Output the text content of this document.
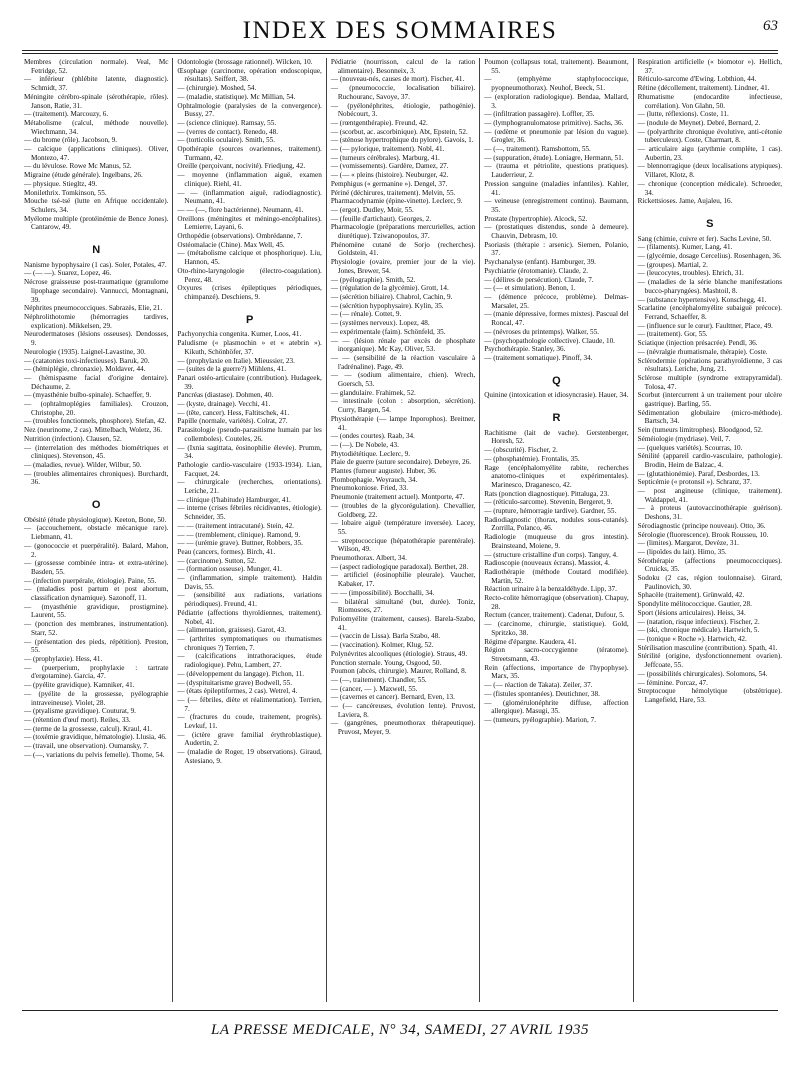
INDEX DES SOMMAIRES	63
Membres (circulation normale). Veal, Mc Fetridge, 52.
— inférieur (phlébite latente, diagnostic). Schmidt, 37.
Méningite cérébro-spinale (sérothérapie, rôles). Janson, Ratie, 31.
— (traitement). Marcouzy, 6.
Métabolisme (calcul, méthode nouvelle). Wiechmann, 34.
— du brome (rôle). Jacobson, 9.
— calcique (applications cliniques). Oliver, Montezo, 47.
— du lévulose. Rowe Mc Manus, 52.
Migraine (étude générale). Ingelbans, 26.
— physique. Stiegltz, 49.
Monilethrix. Tomkinson, 55.
Mouche tsé-tsé (lutte en Afrique occidentale). Schulers, 34.
Myélome multiple (protéinémie de Bence Jones). Cantarow, 49.
N
Nanisme hypophysaire (1 cas). Soler, Potales, 47.
— (— —). Suarez, Lopez, 46.
Nécrose graisseuse post-traumatique (granulome lipophage secondaire). Vannucci, Montagnani, 39.
Néphrites pneumococciques. Sabrazès, Elie, 21.
Néphrolithotomie (hémorragies tardives, explication). Mikkelsen, 29.
Neurodermatoses (lésions osseuses). Dendosses, 9.
Neurologie (1935). Laignel-Lavastine, 30.
— (catatonies toxi-infectieuses). Baruk, 20.
— (hémiplégie, chronaxie). Moldaver, 44.
— (hémispasme facial d'origine dentaire). Déchaume, 2.
— (myasthénie bulbo-spinale). Schaeffer, 9.
— (ophtalmoplégies familiales). Crouzon, Christophe, 20.
— (troubles fonctionnels, phosphore). Stefan, 42.
Nez (neurinome, 2 cas). Mittelbach, Woletz, 36.
Nutrition (infection). Clausen, 52.
— (interrelation des méthodes biométriques et cliniques). Stevenson, 45.
— (maladies, revue). Wilder, Wilbur, 50.
— (troubles alimentaires chroniques). Burchardt, 36.
O
Obésité (étude physiologique). Keeton, Bone, 50.
— (accouchement, obstacle mécanique rare). Liebmann, 41.
— (gonococcie et puerpéralité). Balard, Mahon, 2.
— (grossesse combinée intra- et extra-utérine). Basden, 55.
— (infection puerpérale, étiologie). Paine, 55.
— (maladies post partum et post abortum, classification dynamique). Sazonoff, 11.
— (myasthénie gravidique, prostigmine). Laurent, 55.
— (ponction des membranes, instrumentation). Starr, 52.
— (présentation des pieds, répétition). Preston, 55.
— (prophylaxie). Hess, 41.
— (puerperium, prophylaxie : tartrate d'ergotamine). Garcia, 47.
— (pyélite gravidique). Kamniker, 41.
— (pyélite de la grossesse, pyélographie intraveineuse). Violet, 28.
— (ptyalisme gravidique). Couturat, 9.
— (rétention d'œuf mort). Reiles, 33.
— (terme de la grossesse, calcul). Kraul, 41.
— (toxémie gravidique, hématologie). Llusia, 46.
— (travail, une observation). Oumansky, 7.
— (—, variations du pelvis femelle). Thome, 54.
Odontologie (brossage rationnel). Wilcken, 10.
Œsophage (carcinome, opération endoscopique, résultats). Seiffert, 38.
— (chirurgie). Moshed, 54.
— (maladie, statistique). Mc Millian, 54.
Ophtalmologie (paralysies de la convergence). Bussy, 27.
— (science clinique). Ramsay, 55.
— (verres de contact). Renedo, 48.
— (torticolis oculaire). Smith, 55.
Opothérapie (sources ovariennes, traitement). Turmann, 42.
Oreille (perçoivant, nocivité). Friedjung, 42.
— moyenne (inflammation aiguë, examen clinique). Riehl, 41.
— — (inflammation aiguë, radiodiagnostic). Neumann, 41.
— — (—, flore bactérienne). Neumann, 41.
Oreillons (méningites et méningo-encéphalites). Lemierre, Layani, 6.
Orthopédie (observations). Ombrédanne, 7.
Ostéomalacie (Chine). Max Well, 45.
— (métabolisme calcique et phosphorique). Liu, Hannon, 45.
Oto-rhino-laryngologie (électro-coagulation). Perez, 48.
Oxyures (crises épileptiques périodiques, chimpanzé). Deschiens, 9.
P
Pachyonychia congenita. Kumer, Loos, 41.
Paludisme (« plasmochin » et « atebrin »). Kikuth, Schönhöfer, 37.
— (prophylaxie en Italie). Mieussier, 23.
— (suites de la guerre?) Mühlens, 41.
Panari ostéo-articulaire (contribution). Hudageek, 39.
Pancréas (diastase). Dohmen, 40.
— (kyste, drainage). Vecchi, 41.
— (tête, cancer). Hess, Faltitschek, 41.
Papille (normale, variétés). Colrat, 27.
Parasitologie (pseudo-parasitisme humain par les collemboles). Couteles, 26.
— (Ixnia sagittata, éosinophilie élevée). Prumm, 34.
Pathologie cardio-vasculaire (1933-1934). Lian, Facquet, 24.
— chirurgicale (recherches, orientations). Leriche, 21.
— clinique (l'habitude) Hamburger, 41.
— interne (crises fébriles récidivantes, étiologie). Schneider, 35.
— — (traitement intracutané). Stein, 42.
— — (tremblement, clinique). Ramond, 9.
— — (urémie grave). Buttner, Robbers, 35.
Peau (cancers, formes). Birch, 41.
— (carcinome). Sutton, 52.
— (formation osseuse). Munger, 41.
— (inflammation, simple traitement). Haldin Davis, 55.
— (sensibilité aux radiations, variations périodiques). Freund, 41.
Pédiatrie (affections thyroïdiennes, traitement). Nobel, 41.
— (alimentation, graisses). Garot, 43.
— (arthrites symptomatiques ou rhumatismes chroniques ?) Terrien, 7.
— (calcifications intrathoraciques, étude radiologique). Pehu, Lambert, 27.
— (développement du langage). Pichon, 11.
— (dyspituitarisme grave) Bodwell, 55.
— (états épileptiformes, 2 cas). Wetrel, 4.
— (— fébriles, diète et réalimentation). Terrien, 7.
— (fractures du coude, traitement, progrès). Levkuf, 11.
— (ictère grave familial érythroblastique). Audertin, 2.
— (maladie de Roger, 19 observations). Giraud, Astesiano, 9.
Pédiatrie (nourrisson, calcul de la ration alimentaire). Besonneix, 3.
— (nouveau-nés, causes de mort). Fischer, 41.
— (pneumococcie, localisation biliaire). Ruchouranc, Savoye, 37.
— (pyélonéphrites, étiologie, pathogénie). Nobécourt, 3.
— (rœntgenthérapie). Freund, 42.
— (scorbut, ac. ascorbinique). Abt, Epstein, 52.
— (sténose hypertrophique du pylore). Gavois, 1.
— (— pylorique, traitement). Nobl, 41.
— (tumeurs cérébrales). Marburg, 41.
— (vomissements). Gardère, Damez, 27.
— (— « pleins (histoire). Neuburger, 42.
Pemphigus (« germanine »). Dengel, 37.
Périné (déchirures, traitement). Melvin, 55.
Pharmacodynamie (épine-vinette). Leclerc, 9.
— (ergot). Dudley, Moir, 55.
— (feuille d'artichaut). Georges, 2.
Pharmacologie (préparations mercurielles, action diurétique). Tziwanopoulos, 37.
Phénomène cutané de Sorjo (recherches). Goldstein, 41.
Physiologie (ovaire, premier jour de la vie). Jones, Brewer, 54.
— (pyélographie). Smith, 52.
— (régulation de la glycémie). Grott, 14.
— (sécrétion biliaire). Chabrol, Cachin, 9.
— (sécrétion hypophysaire). Kylin, 35.
— (— rénale). Cottet, 9.
— (systèmes nerveux). Lopez, 48.
— expérimentale (faim). Schönfeld, 35.
— — (lésion rénale par excès de phosphate inorganique). Mc Kay, Oliver, 53.
— — (sensibilité de la réaction vasculaire à l'adrénaline). Page, 49.
— — (sodium alimentaire, chien). Wrech, Goersch, 53.
— glandulaire. Frahimek, 52.
— intestinale (colon : absorption, sécrétion). Curry, Bargen, 54.
Physiothérapie (— lampe Inporophos). Breitner, 41.
— (ondes courtes). Raab, 34.
— (—). De Nobele, 43.
Phytodiététique. Leclerc, 9.
Plaie de guerre (suture secondaire). Debeyre, 26.
Plantes (fumeur auguste). Huber, 36.
Plombophagie. Weyrauch, 34.
Pneumokoniose. Fried, 33.
Pneumonie (traitement actuel). Montporte, 47.
— (troubles de la glycorégulation). Chevallier, Goldberg, 22.
— lobaire aiguë (température inversée). Lacey, 55.
— streptococcique (hépatothérapie parentérale). Wilson, 49.
Pneumothorax. Albert, 34.
— (aspect radiologique paradoxal). Berthet, 28.
— artificiel (éosinophilie pleurale). Vaucher, Kabaker, 17.
— — (impossibilité). Bocchalli, 34.
— bilatéral simultané (but, durée). Toniz, Riomosoes, 27.
Poliomyélite (traitement, causes). Barela-Szabo, 41.
— (vaccin de Lissa). Barla Szabo, 48.
— (vaccination). Kolmer, Klug, 52.
Polynévrites alcooliques (étiologie). Straus, 49.
Ponction sternale. Young, Osgood, 50.
Poumon (abcès, chirurgie). Maurer, Rolland, 8.
— (—, traitement). Chandler, 55.
— (cancer, — ). Maxwell, 55.
— (cavernes et cancer). Bernard, Even, 13.
— (— cancéreuses, évolution lente). Pruvost, Laviera, 8.
— (gangrènes, pneumothorax thérapeutique). Pruvost, Meyer, 9.
Poumon (collapsus total, traitement). Beaumont, 55.
— (emphyème staphylococcique, pyopneumothorax). Neuhof, Beeck, 51.
— (exploration radiologique). Bendaa, Mallard, 3.
— (infiltration passagère). Loffler, 35.
— (lymphogranulomatose primitive). Sachs, 36.
— (œdème et pneumonie par lésion du vague). Grogler, 36.
— (—, traitement). Ramsbottom, 55.
— (suppuration, étude). Loniagre, Hermann, 51.
— (trauma et pétriolite, questions pratiques). Lauderrieur, 2.
Pression sanguine (maladies infantiles). Kahler, 41.
— veineuse (enregistrement continu). Baumann, 35.
Prostate (hypertrophie). Alcock, 52.
— (prostatiques distendus, sonde à demeure). Chauvin, Debrasm, 10.
Psoriasis (thérapie : arsenic). Siemen, Polanio, 37.
Psychanalyse (enfant). Hamburger, 39.
Psychiatrie (érotomanie). Claude, 2.
— (délires de persécution). Claude, 7.
— (— et simulation). Benon, 1.
— (démence précoce, problème). Delmas-Marsalet, 25.
— (manie dépressive, formes mixtes). Pascual del Roncal, 47.
— (névroses du printemps). Walker, 55.
— (psychopathologie collective). Claude, 10.
Psychothérapie. Stanley, 36.
— (traitement somatique). Pinoff, 34.
Q
Quinine (intoxication et idiosyncrasie). Hauer, 34.
R
Rachitisme (lait de vache). Gerstenberger, Horesh, 52.
— (obscurité). Fischer, 2.
— (phosphatémie). Frontalis, 35.
Rage (encéphalomyélite rabite, recherches anatomo-cliniques et expérimentales). Marinesco, Draganesco, 42.
Rats (ponction diagnostique). Pittaluga, 23.
— (réticulo-sarcome). Stevenin, Bergeret, 9.
— (rupture, hémorragie tardive). Gardner, 55.
Radiodiagnostic (thorax, nodules sous-cutanés). Zorrilla, Polanco, 46.
Radiologie (muqueuse du gros intestin). Brainsteand, Moiene, 9.
— (structure cristalline d'un corps). Tanguy, 4.
Radioscopie (nouveaux écrans). Massiot, 4.
Radiothérapie (méthode Coutard modifiée). Martin, 52.
Réaction urinaire à la benzaldéhyde. Lipp, 37.
Recto-colite hémorragique (observation). Chapuy, 28.
Rectum (cancer, traitement). Cadenat, Dufour, 5.
— (carcinome, chirurgie, statistique). Gold, Spritzko, 38.
Régime d'épargne. Kaudera, 41.
Région sacro-coccygienne (tératome). Streetsmann, 43.
Rein (affections, importance de l'hypophyse). Marx, 35.
— (— réaction de Takata). Zeiler, 37.
— (fistules spontanées). Deutichner, 38.
— (glomérulonéphrite diffuse, affection allergique). Masugi, 35.
— (tumeurs, pyélographie). Marion, 7.
Respiration artificielle (« biomotor »). Hellich, 37.
Réticulo-sarcome d'Ewing. Lobthion, 44.
Rétine (décollement, traitement). Lindner, 41.
Rhumatisme (endocardite infectieuse, corrélation). Von Glahn, 50.
— (lutte, réflexions). Coste, 11.
— (nodule de Meynet). Debré, Bernard, 2.
— (polyarthrite chronique évolutive, anti-cétonie tuberculeux). Coste, Charmart, 8.
— articulaire aigu (arythmie complète, 1 cas). Aubertin, 23.
— blennorragique (deux localisations atypiques). Villaret, Klotz, 8.
— chronique (conception médicale). Schroeder, 34.
Rickettsioses. Jame, Aujaleu, 16.
S
Sang (chimie, cuivre et fer). Sachs Levine, 50.
— (filaments). Kumer, Lang, 41.
— (glycémie, dosage Cercelius). Rosenhagen, 36.
— (groupes). Martial, 2.
— (leucocytes, troubles). Ehrich, 31.
— (maladies de la série blanche manifestations bucco-pharyngées). Mashtoil, 8.
— (substance hypertensive). Konschegg, 41.
Scarlatine (encéphalomyélite subaiguë précoce). Ferrand, Schaeffer, 8.
— (influence sur le cœur). Faulttner, Place, 49.
— (traitement). Gor, 55.
Sciatique (injection présacrée). Pendl, 36.
— (névralgie rhumatismale, thérapie). Coste.
Sclérodermie (opérations parathyroïdienne, 3 cas résultats). Leriche, Jung, 21.
Sclérose multiple (syndrome extrapyramidal). Tolosa, 47.
Scorbut (intercurrent à un traitement pour ulcère gastrique). Barling, 55.
Sédimentation globulaire (micro-méthode). Bartsch, 34.
Sein (tumeurs limitrophes). Bloodgood, 52.
Séméiologie (mydriase). Veil, 7.
— (quelques variétés). Scourras, 10.
Sénilité (appareil cardio-vasculaire, pathologie). Brodin, Heim de Balzac, 4.
— (glutathionémie). Paraf, Desbordes, 13.
Septicémie (« protonsil »). Schranz, 37.
— post angineuse (clinique, traitement). Waldappel, 41.
— à proteus (autovaccinothérapie guérison). Deshons, 31.
Sérodiagnostic (principe nouveau). Otto, 36.
Sérologie (fluorescence). Brook Rousseu, 10.
— (limites). Margarot, Devèze, 31.
— (lipoïdes du lait). Himo, 35.
Sérothérapie (affections pneumococciques). Cruicks, 35.
Sodoku (2 cas, région toulonnaise). Girard, Paulinovich, 30.
Sphacèle (traitement). Grünwald, 42.
Spondylite mélitococcique. Gautier, 28.
Sport (lésions articulaires). Heiss, 34.
— (natation, risque infectieux). Fischer, 2.
— (ski, chronique médicale). Hartwich, 5.
— (tonique « Roche »). Hartwich, 42.
Stérilisation masculine (contribution). Spath, 41.
Stérilité (origine, dysfonctionnement ovarien). Jeffcoate, 55.
— (possibilités chirurgicales). Solomons, 54.
— féminine. Porcaz, 47.
Streptocoque hémolytique (obstétrique). Langefield, Hare, 53.
LA PRESSE MEDICALE, N° 34, SAMEDI, 27 AVRIL 1935
